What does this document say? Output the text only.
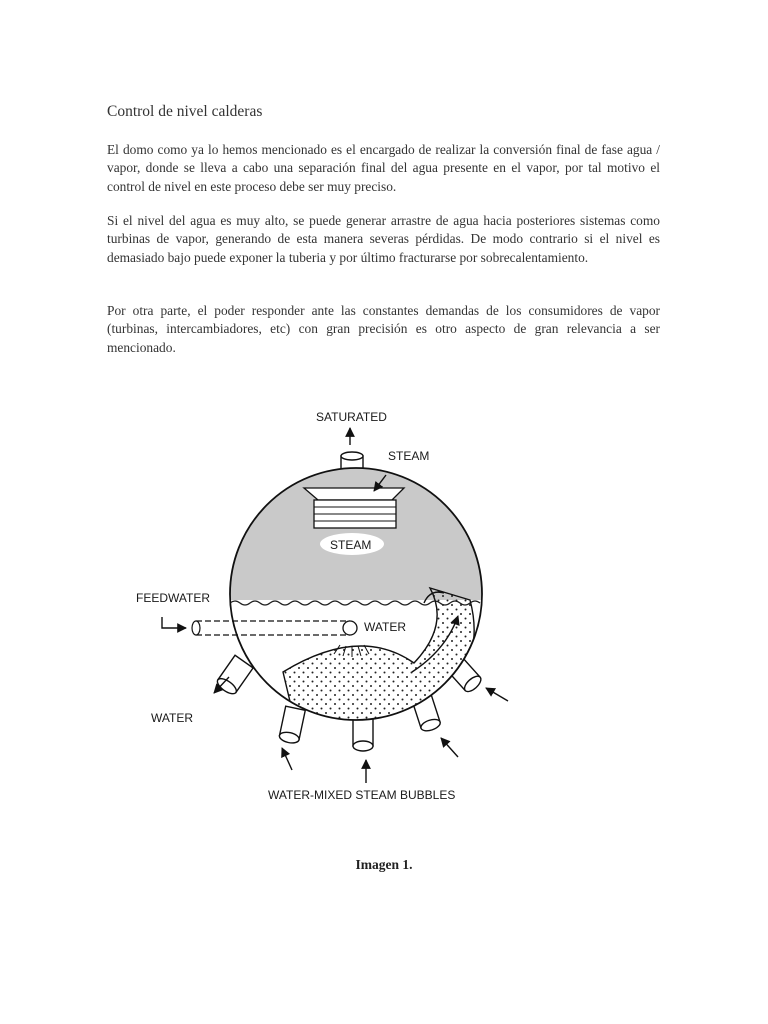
Control de nivel calderas
El domo como ya lo hemos mencionado es el encargado de realizar la conversión final de fase agua / vapor, donde se lleva a cabo una separación final del agua presente en el vapor, por tal motivo el control de nivel en este proceso debe ser muy preciso.
Si el nivel del agua es muy alto, se puede generar arrastre de agua hacia posteriores sistemas como turbinas de vapor, generando de esta manera severas pérdidas. De modo contrario si el nivel es demasiado bajo puede exponer la tuberia y por último fracturarse por sobrecalentamiento.
Por otra parte, el poder responder ante las constantes demandas de los consumidores de vapor (turbinas, intercambiadores, etc) con gran precisión es otro aspecto de gran relevancia a ser mencionado.
SATURATED
STEAM
STEAM
FEEDWATER
WATER
WATER
WATER-MIXED STEAM BUBBLES
Imagen 1.
